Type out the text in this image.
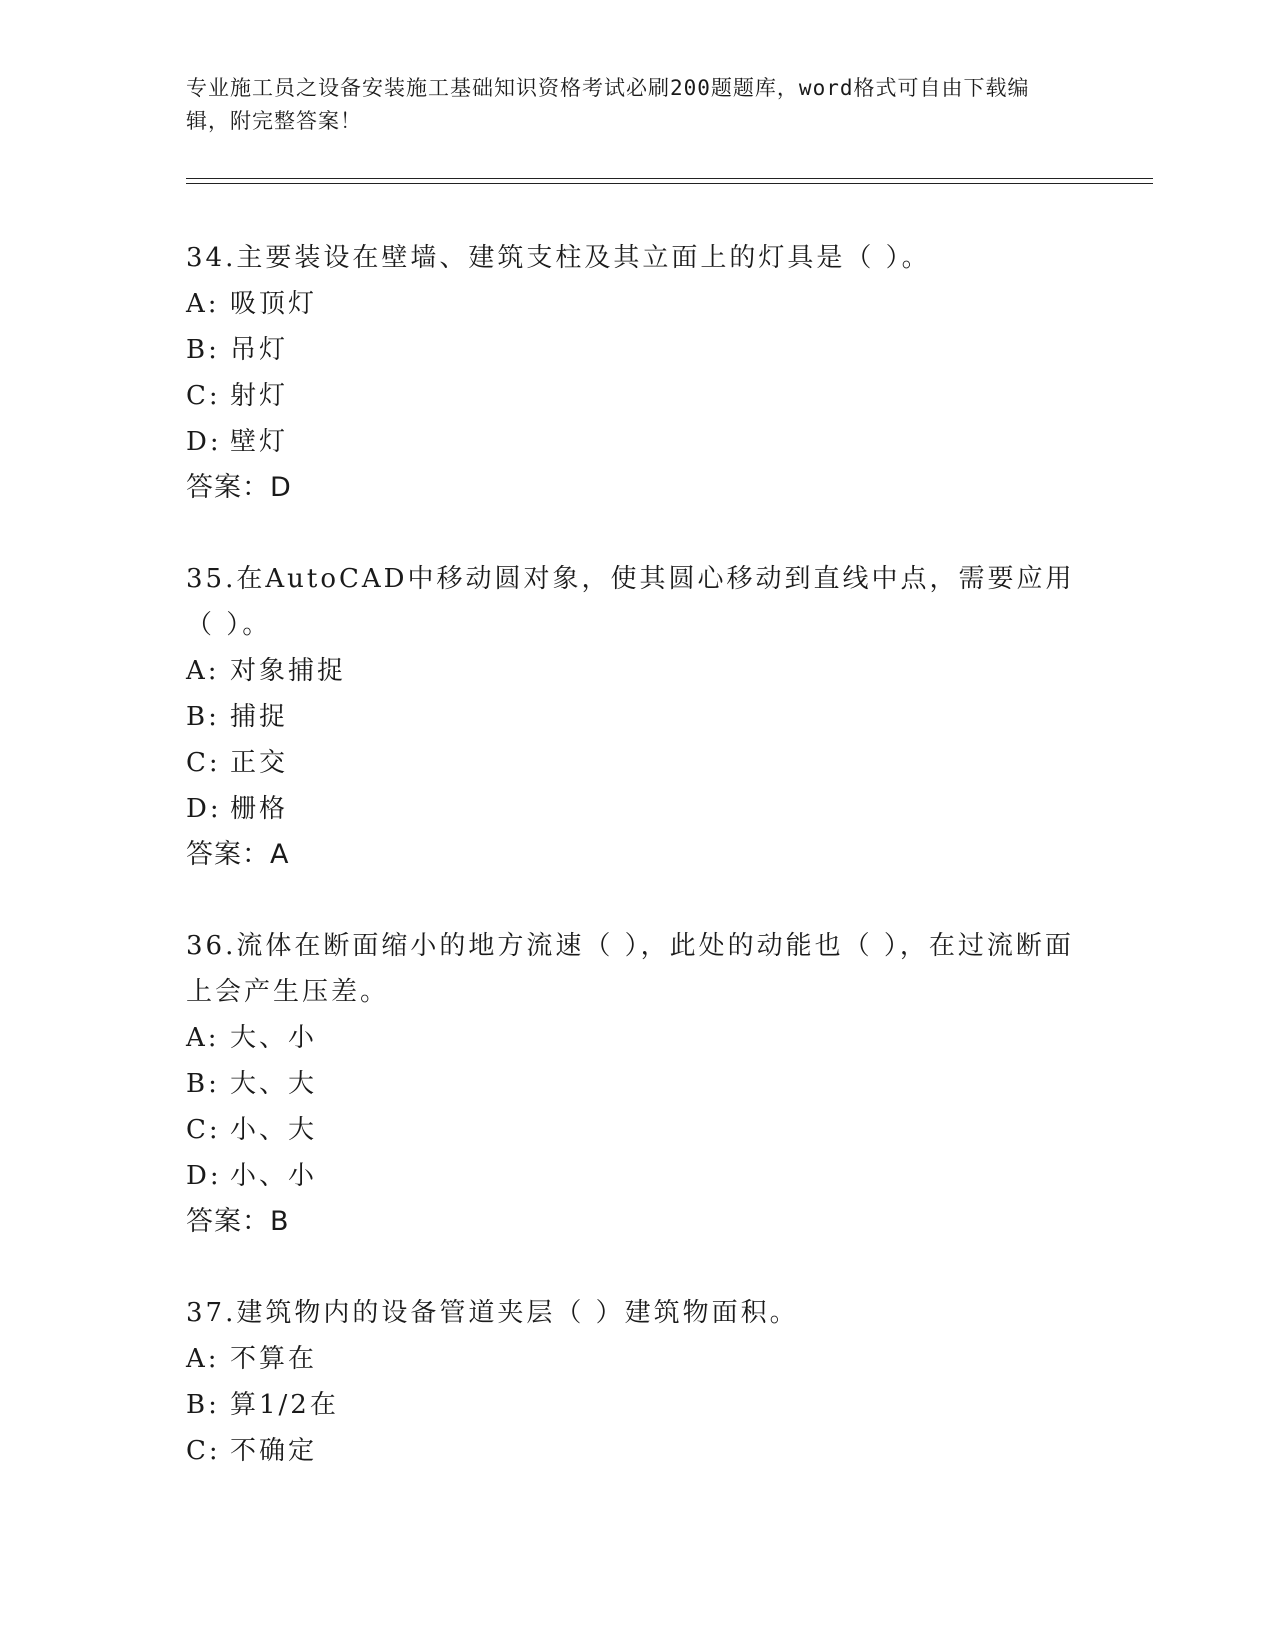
专业施工员之设备安装施工基础知识资格考试必刷200题题库，word格式可自由下载编辑，附完整答案！
34.主要装设在壁墙、建筑支柱及其立面上的灯具是（ ）。
A: 吸顶灯
B: 吊灯
C: 射灯
D: 壁灯
答案：D
35.在AutoCAD中移动圆对象，使其圆心移动到直线中点，需要应用（ ）。
A: 对象捕捉
B: 捕捉
C: 正交
D: 栅格
答案：A
36.流体在断面缩小的地方流速（ ），此处的动能也（ ），在过流断面上会产生压差。
A: 大、小
B: 大、大
C: 小、大
D: 小、小
答案：B
37.建筑物内的设备管道夹层（ ）建筑物面积。
A: 不算在
B: 算1/2在
C: 不确定
